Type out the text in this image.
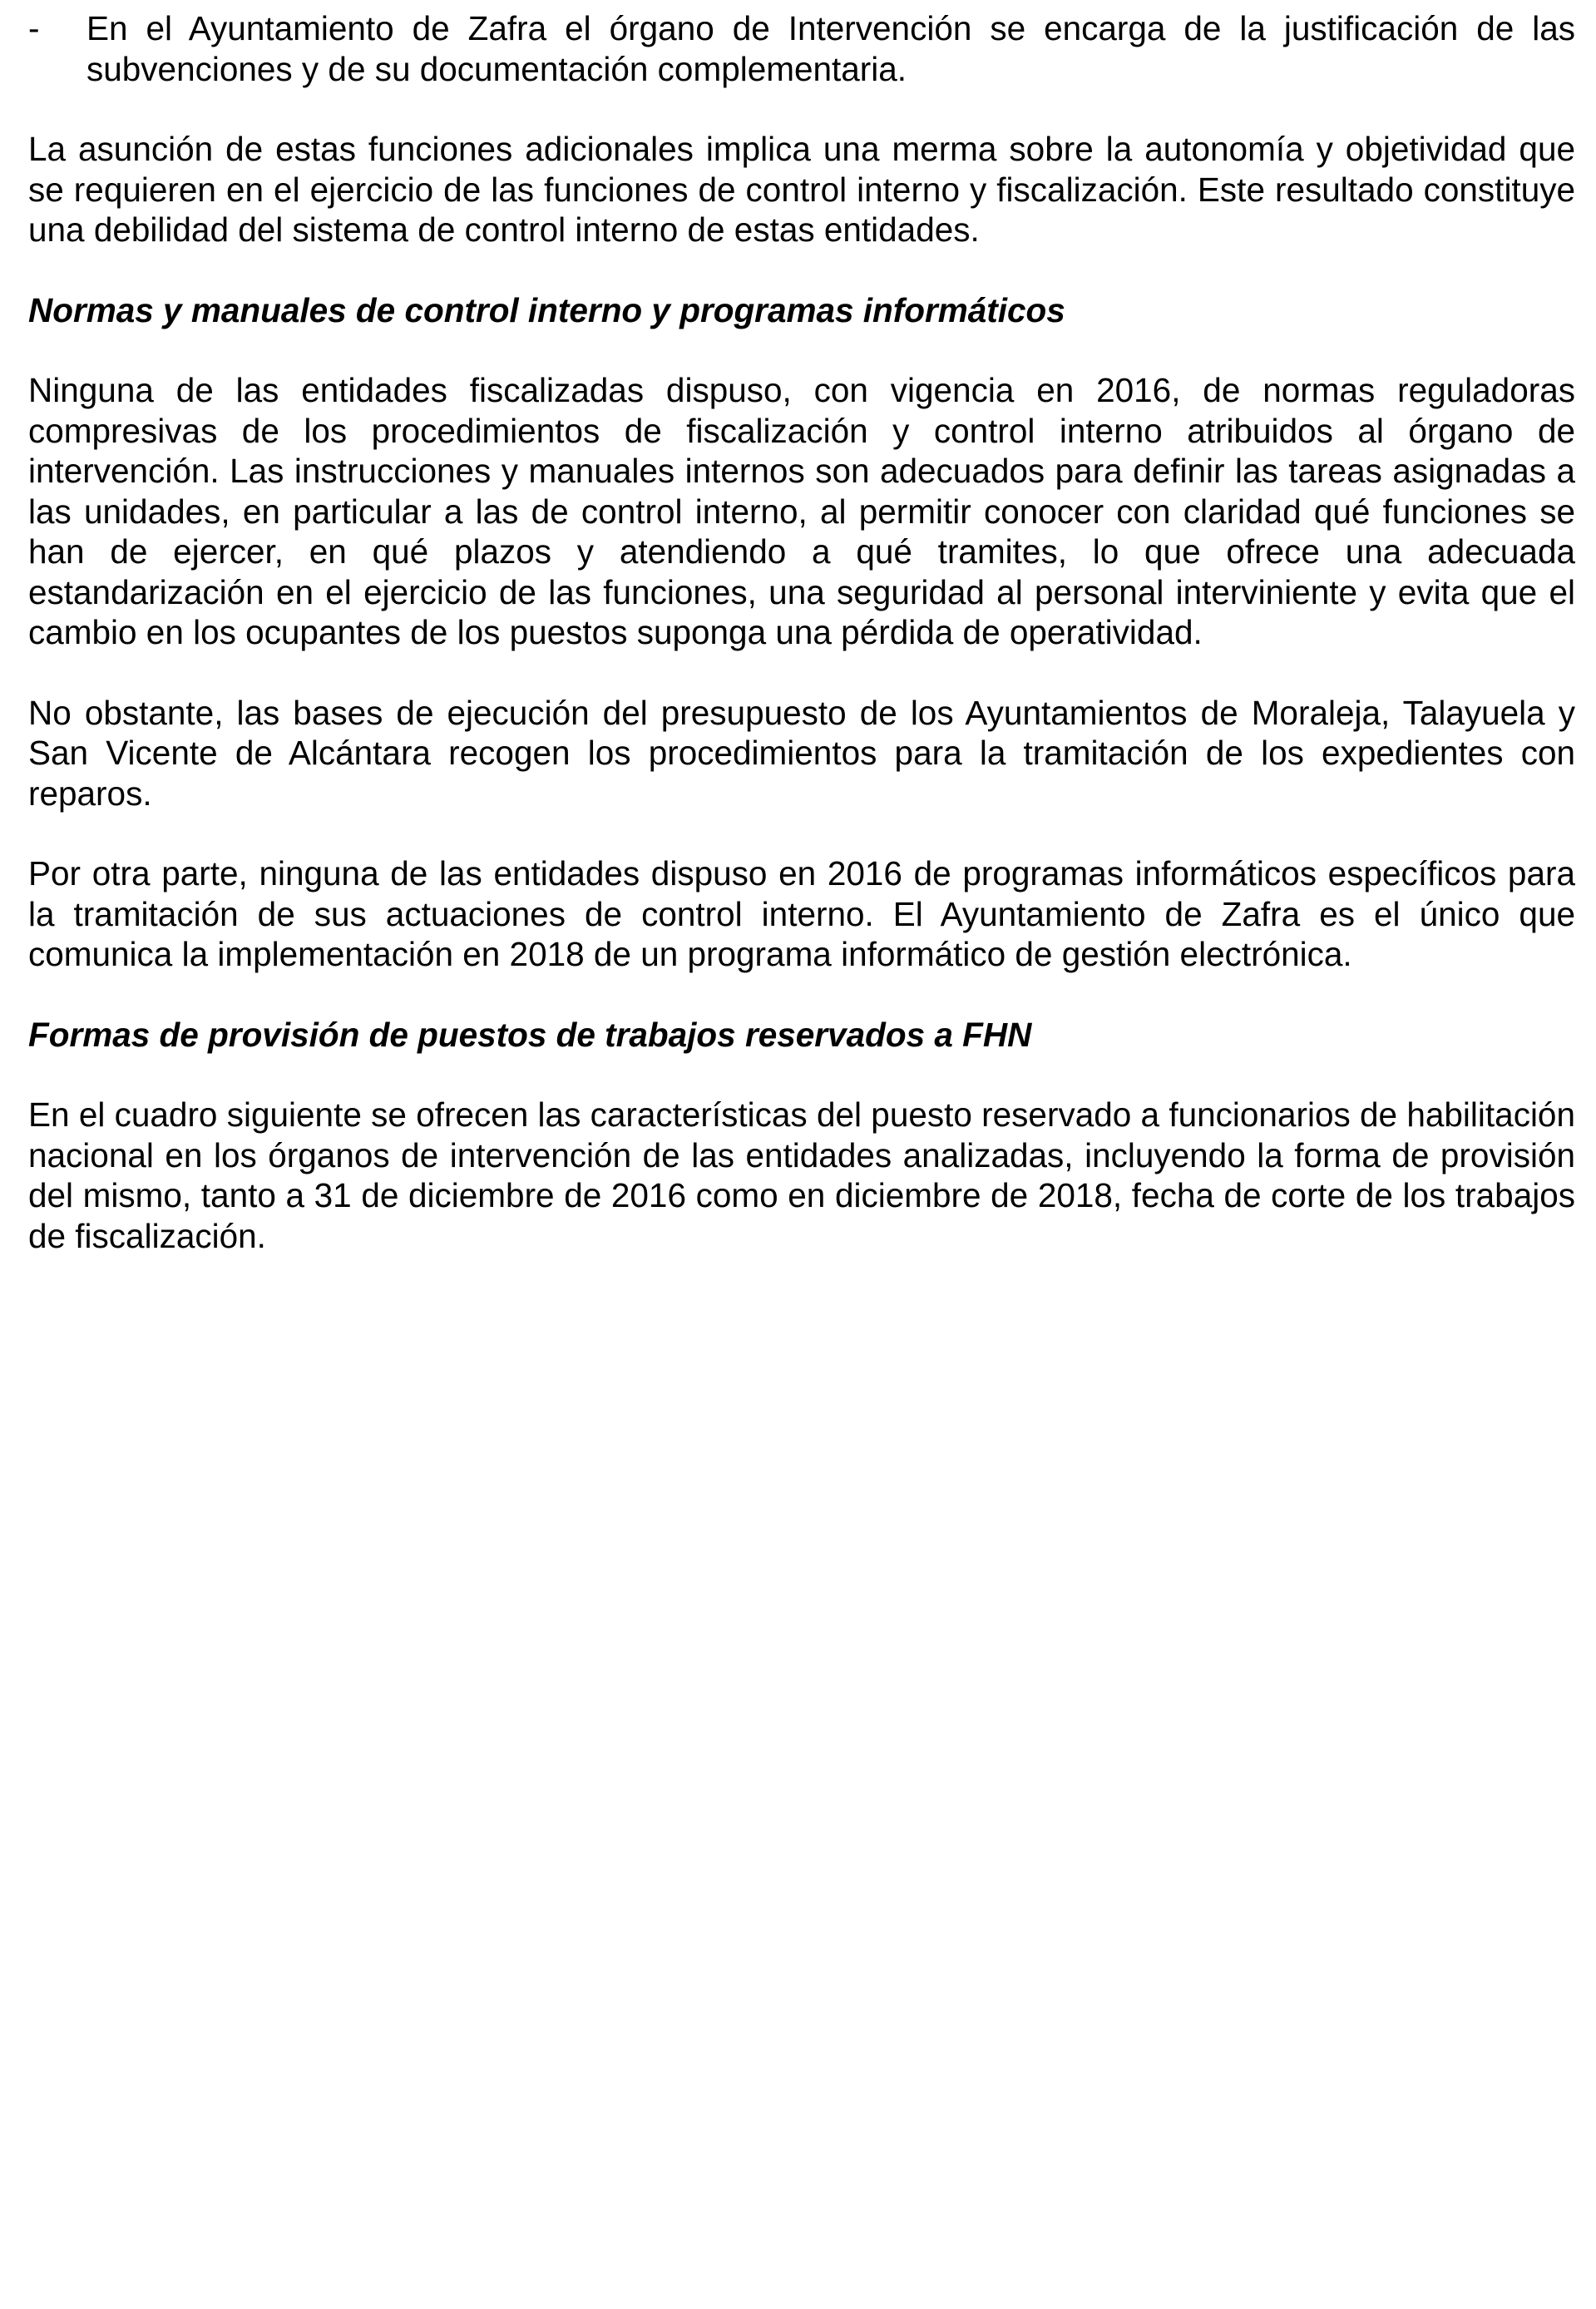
-	En el Ayuntamiento de Zafra el órgano de Intervención se encarga de la justificación de las subvenciones y de su documentación complementaria.

La asunción de estas funciones adicionales implica una merma sobre la autonomía y objetividad que se requieren en el ejercicio de las funciones de control interno y fiscalización. Este resultado constituye una debilidad del sistema de control interno de estas entidades.

Normas y manuales de control interno y programas informáticos

Ninguna de las entidades fiscalizadas dispuso, con vigencia en 2016, de normas reguladoras compresivas de los procedimientos de fiscalización y control interno atribuidos al órgano de intervención. Las instrucciones y manuales internos son adecuados para definir las tareas asignadas a las unidades, en particular a las de control interno, al permitir conocer con claridad qué funciones se han de ejercer, en qué plazos y atendiendo a qué tramites, lo que ofrece una adecuada estandarización en el ejercicio de las funciones, una seguridad al personal interviniente y evita que el cambio en los ocupantes de los puestos suponga una pérdida de operatividad.

No obstante, las bases de ejecución del presupuesto de los Ayuntamientos de Moraleja, Talayuela y San Vicente de Alcántara recogen los procedimientos para la tramitación de los expedientes con reparos.

Por otra parte, ninguna de las entidades dispuso en 2016 de programas informáticos específicos para la tramitación de sus actuaciones de control interno. El Ayuntamiento de Zafra es el único que comunica la implementación en 2018 de un programa informático de gestión electrónica.

Formas de provisión de puestos de trabajos reservados a FHN

En el cuadro siguiente se ofrecen las características del puesto reservado a funcionarios de habilitación nacional en los órganos de intervención de las entidades analizadas, incluyendo la forma de provisión del mismo, tanto a 31 de diciembre de 2016 como en diciembre de 2018, fecha de corte de los trabajos de fiscalización.
